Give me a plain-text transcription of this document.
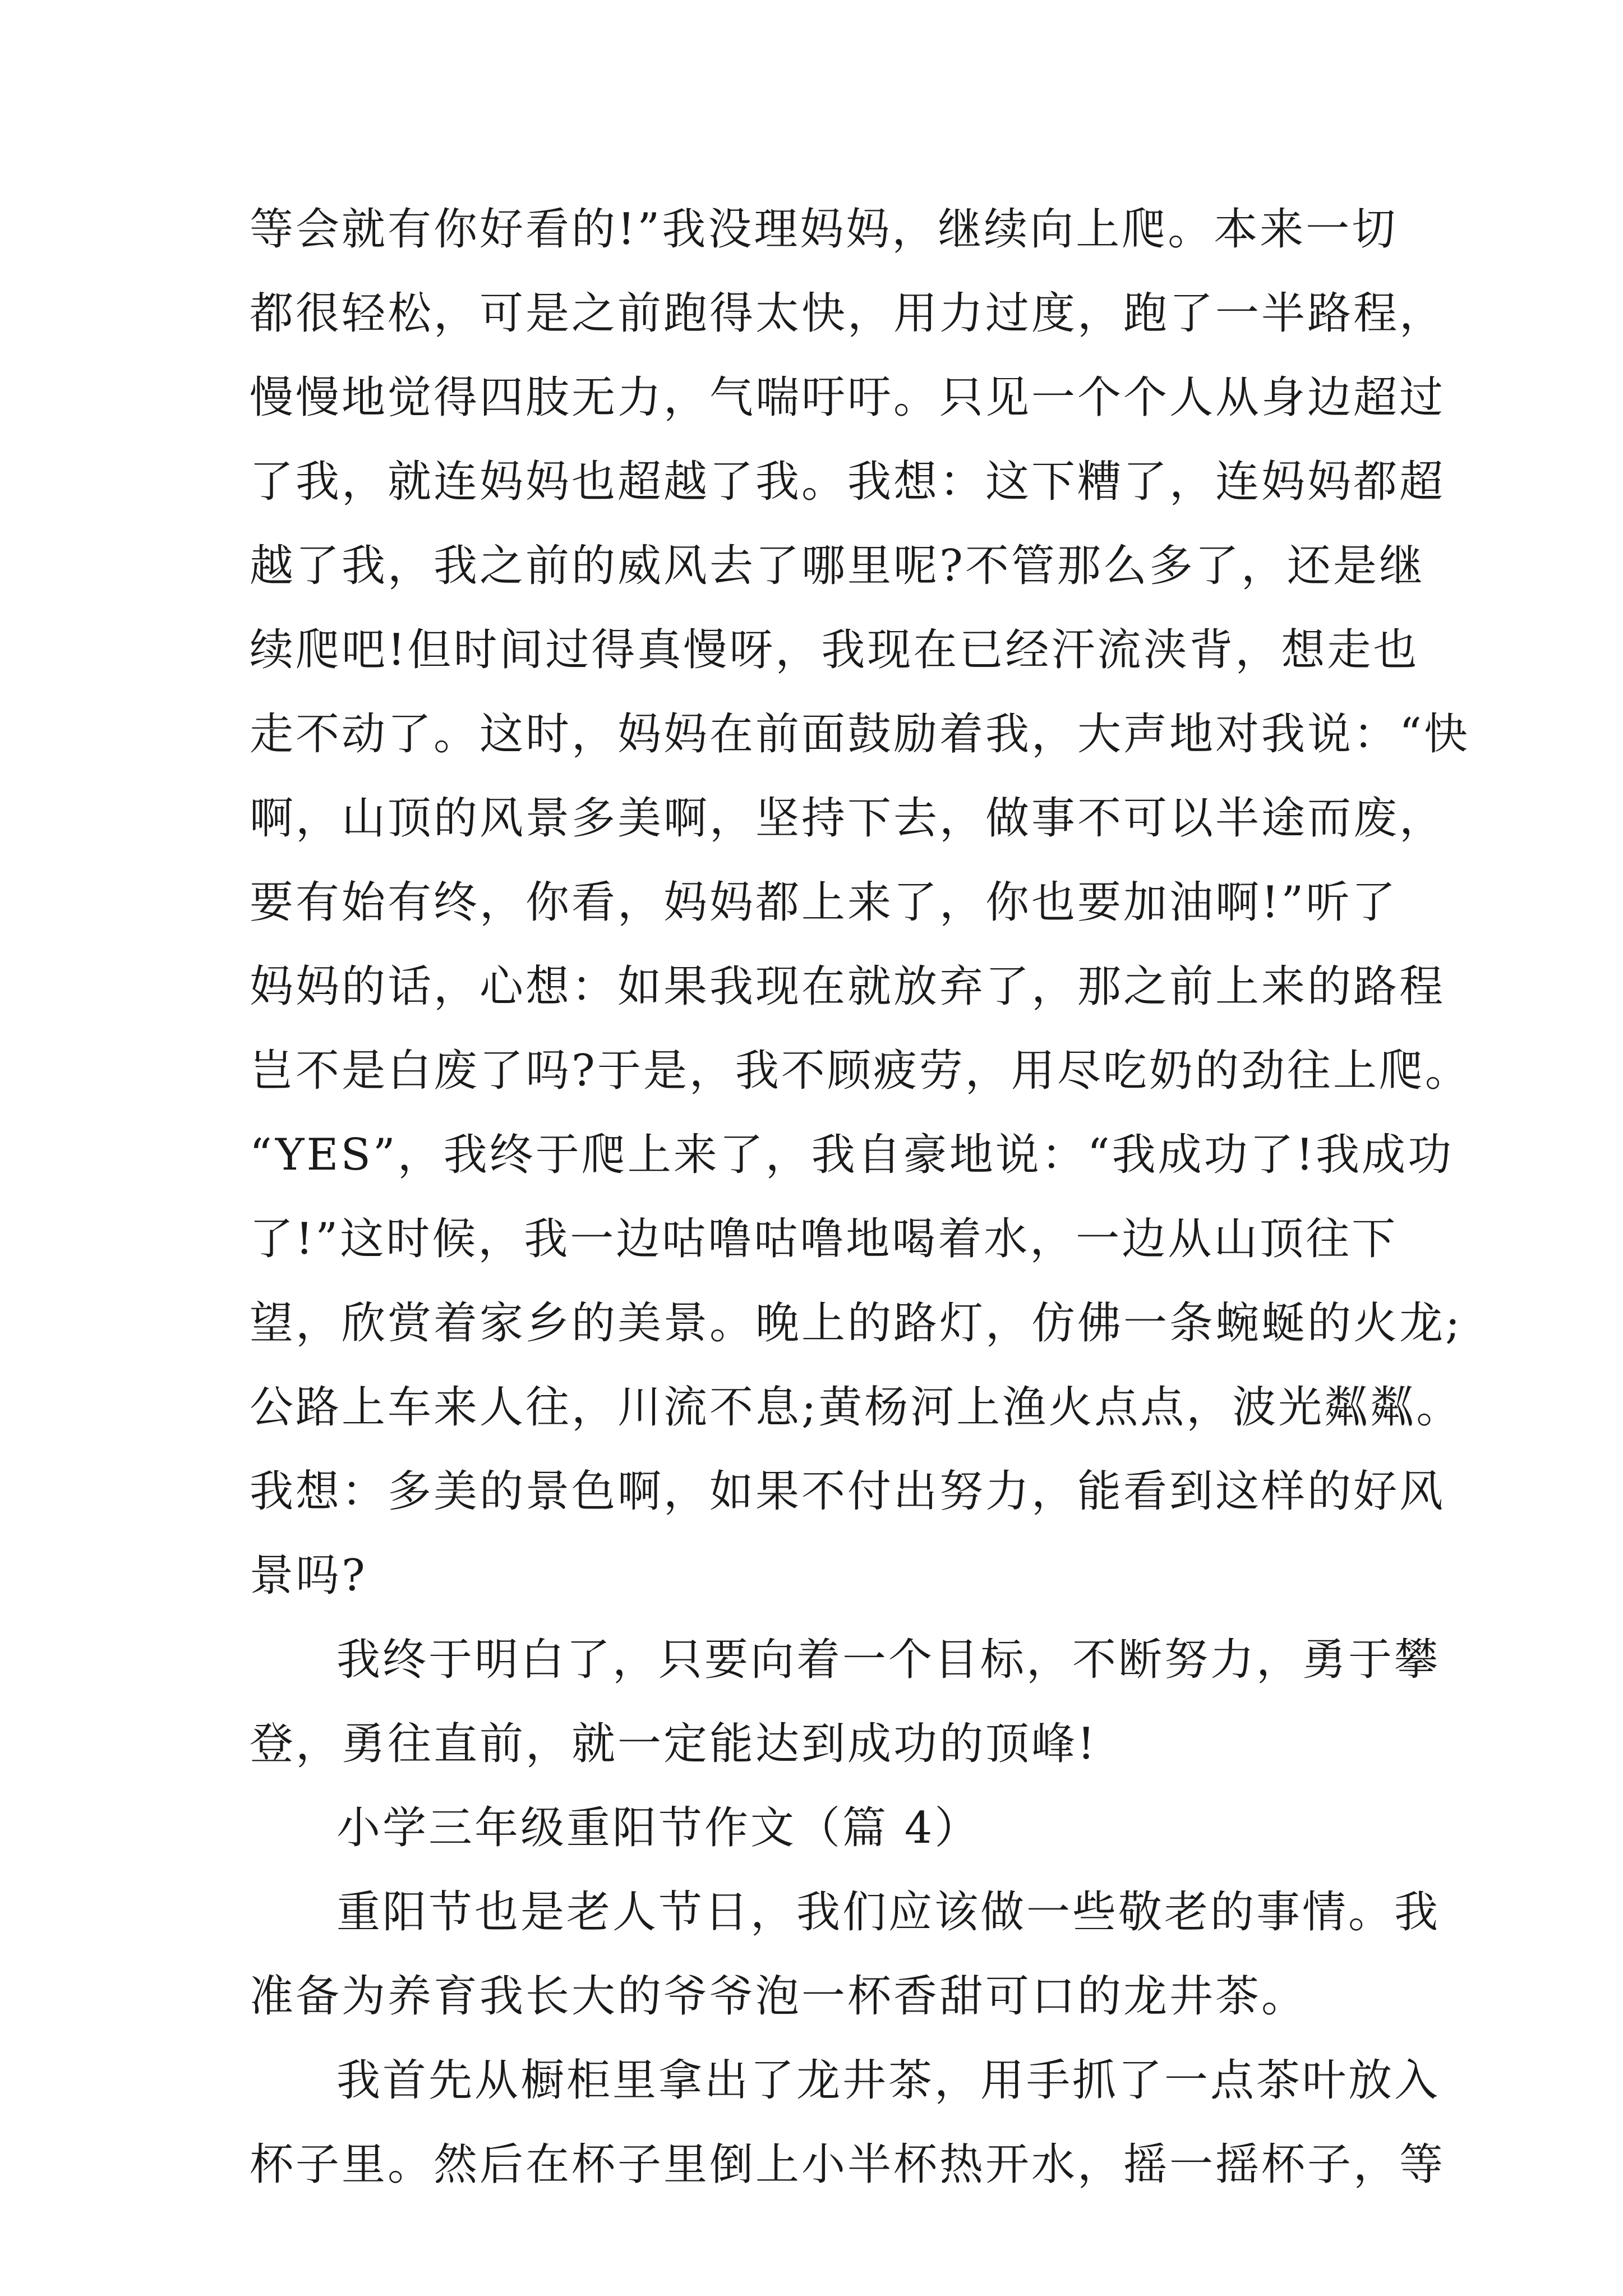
等会就有你好看的!”我没理妈妈，继续向上爬。本来一切
都很轻松，可是之前跑得太快，用力过度，跑了一半路程，
慢慢地觉得四肢无力，气喘吁吁。只见一个个人从身边超过
了我，就连妈妈也超越了我。我想：这下糟了，连妈妈都超
越了我，我之前的威风去了哪里呢?不管那么多了，还是继
续爬吧!但时间过得真慢呀，我现在已经汗流浃背，想走也
走不动了。这时，妈妈在前面鼓励着我，大声地对我说：“快
啊，山顶的风景多美啊，坚持下去，做事不可以半途而废，
要有始有终，你看，妈妈都上来了，你也要加油啊!”听了
妈妈的话，心想：如果我现在就放弃了，那之前上来的路程
岂不是白废了吗?于是，我不顾疲劳，用尽吃奶的劲往上爬。
“YES”，我终于爬上来了，我自豪地说：“我成功了!我成功
了!”这时候，我一边咕噜咕噜地喝着水，一边从山顶往下
望，欣赏着家乡的美景。晚上的路灯，仿佛一条蜿蜒的火龙;
公路上车来人往，川流不息;黄杨河上渔火点点，波光粼粼。
我想：多美的景色啊，如果不付出努力，能看到这样的好风
景吗?
我终于明白了，只要向着一个目标，不断努力，勇于攀
登，勇往直前，就一定能达到成功的顶峰!
小学三年级重阳节作文（篇 4）
重阳节也是老人节日，我们应该做一些敬老的事情。我
准备为养育我长大的爷爷泡一杯香甜可口的龙井茶。
我首先从橱柜里拿出了龙井茶，用手抓了一点茶叶放入
杯子里。然后在杯子里倒上小半杯热开水，摇一摇杯子，等
